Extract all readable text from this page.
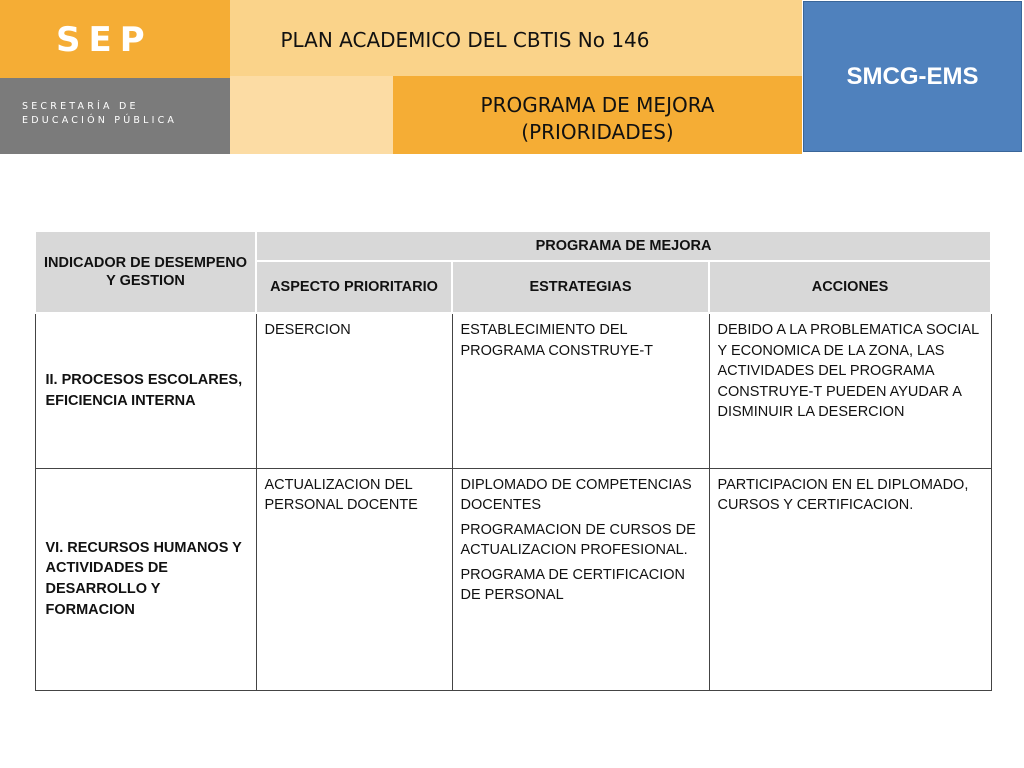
SEP
SECRETARÍA DE
EDUCACIÓN PÚBLICA
PLAN ACADEMICO DEL CBTIS No 146
PROGRAMA DE MEJORA
(PRIORIDADES)
SMCG-EMS
INDICADOR DE DESEMPENO Y GESTION	PROGRAMA DE MEJORA		
	ASPECTO PRIORITARIO	ESTRATEGIAS	ACCIONES
II. PROCESOS ESCOLARES, EFICIENCIA INTERNA	DESERCION	ESTABLECIMIENTO DEL PROGRAMA CONSTRUYE-T	DEBIDO A LA PROBLEMATICA SOCIAL Y ECONOMICA DE LA ZONA, LAS ACTIVIDADES DEL PROGRAMA CONSTRUYE-T PUEDEN AYUDAR A DISMINUIR LA DESERCION
VI. RECURSOS HUMANOS Y ACTIVIDADES DE DESARROLLO Y FORMACION	ACTUALIZACION DEL PERSONAL DOCENTE	DIPLOMADO DE COMPETENCIAS DOCENTES
PROGRAMACION DE CURSOS DE ACTUALIZACION PROFESIONAL.
PROGRAMA DE CERTIFICACION DE PERSONAL	PARTICIPACION EN EL DIPLOMADO, CURSOS Y CERTIFICACION.
